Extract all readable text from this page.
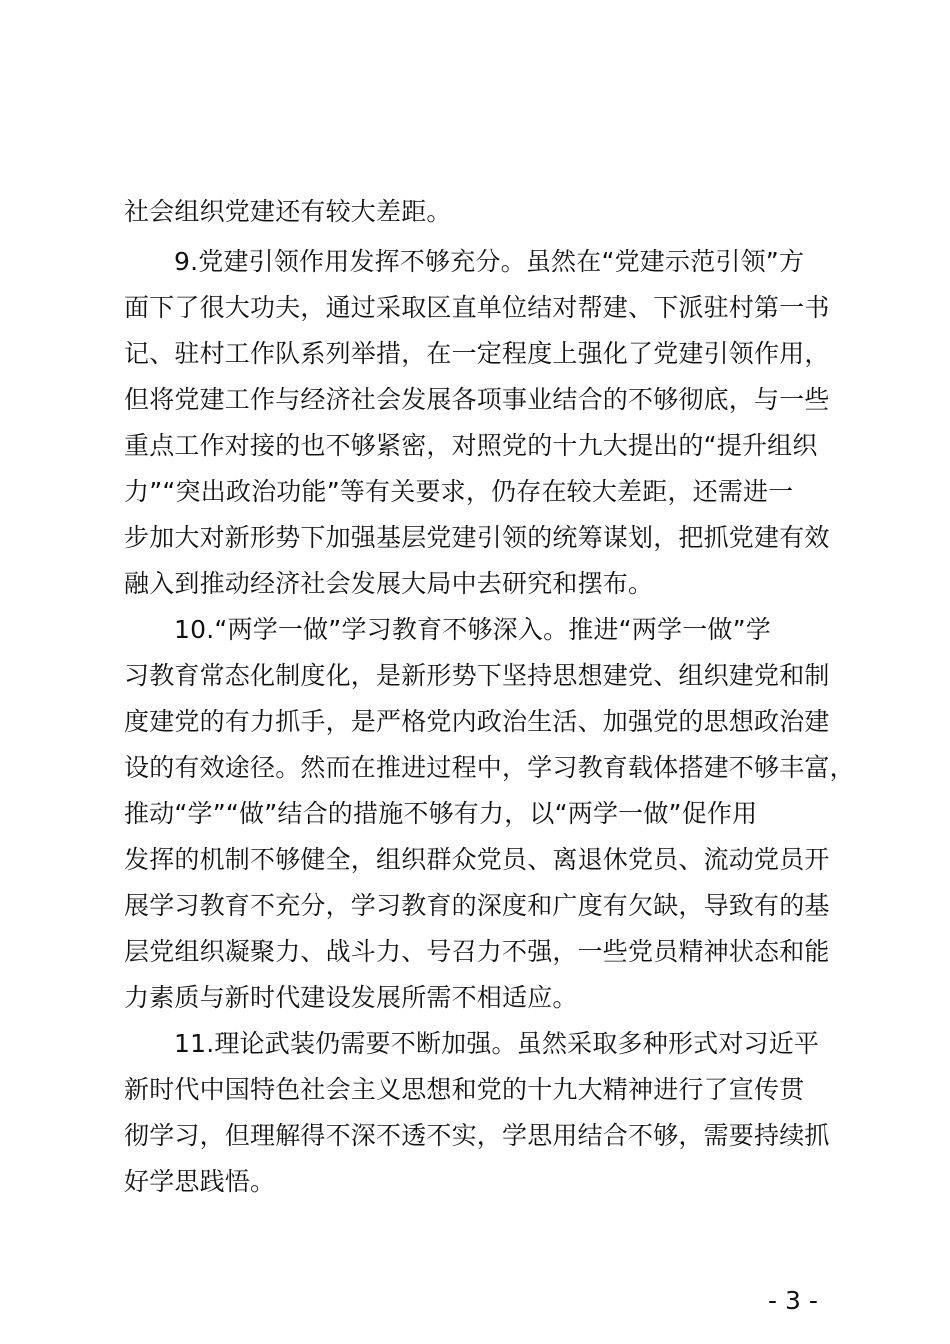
社会组织党建还有较大差距。
9.党建引领作用发挥不够充分。虽然在“党建示范引领”方
面下了很大功夫，通过采取区直单位结对帮建、下派驻村第一书
记、驻村工作队系列举措，在一定程度上强化了党建引领作用，
但将党建工作与经济社会发展各项事业结合的不够彻底，与一些
重点工作对接的也不够紧密，对照党的十九大提出的“提升组织
力”“突出政治功能”等有关要求，仍存在较大差距，还需进一
步加大对新形势下加强基层党建引领的统筹谋划，把抓党建有效
融入到推动经济社会发展大局中去研究和摆布。
10.“两学一做”学习教育不够深入。推进“两学一做”学
习教育常态化制度化，是新形势下坚持思想建党、组织建党和制
度建党的有力抓手，是严格党内政治生活、加强党的思想政治建
设的有效途径。然而在推进过程中，学习教育载体搭建不够丰富，
推动“学”“做”结合的措施不够有力，以“两学一做”促作用
发挥的机制不够健全，组织群众党员、离退休党员、流动党员开
展学习教育不充分，学习教育的深度和广度有欠缺，导致有的基
层党组织凝聚力、战斗力、号召力不强，一些党员精神状态和能
力素质与新时代建设发展所需不相适应。
11.理论武装仍需要不断加强。虽然采取多种形式对习近平
新时代中国特色社会主义思想和党的十九大精神进行了宣传贯
彻学习，但理解得不深不透不实，学思用结合不够，需要持续抓
好学思践悟。
- 3 -
